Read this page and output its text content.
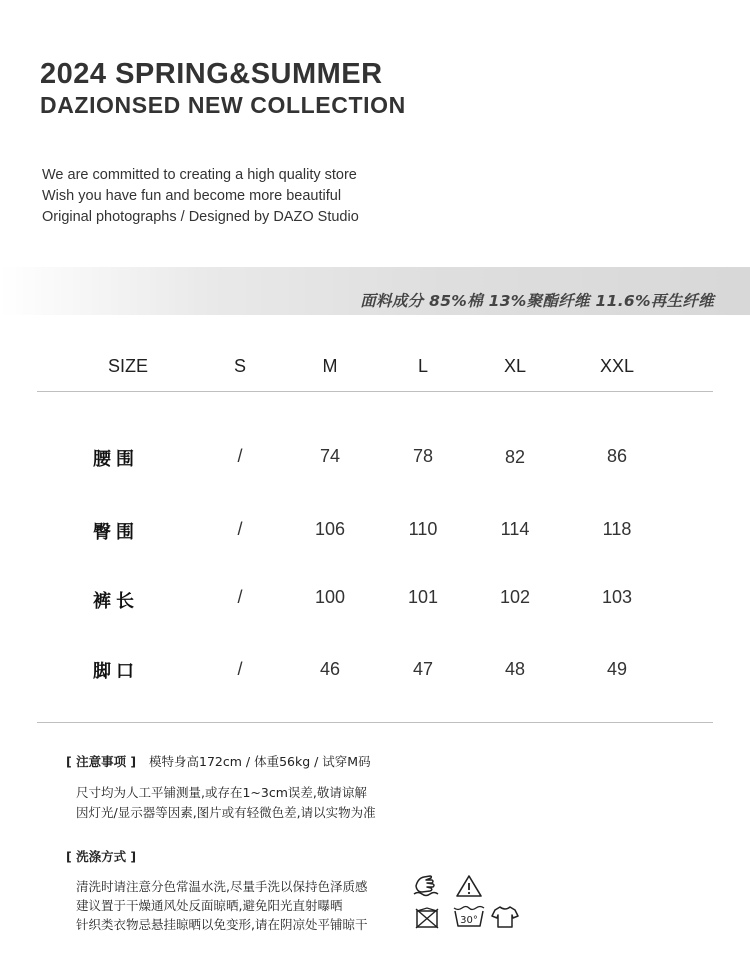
2024 SPRING&SUMMER
DAZIONSED NEW COLLECTION
We are committed to creating a high quality store
Wish you have fun and become more beautiful
Original photographs / Designed by DAZO Studio
面料成分 85%棉 13%聚酯纤维 11.6%再生纤维
SIZE	S	M	L	XL	XXL
腰围	/	74	78	82	86
臀围	/	106	110	114	118
裤长	/	100	101	102	103
脚口	/	46	47	48	49
[ 注意事项 ] 模特身高172cm / 体重56kg / 试穿M码
尺寸均为人工平铺测量,或存在1~3cm误差,敬请谅解
因灯光/显示器等因素,图片或有轻微色差,请以实物为准
[ 洗涤方式 ]
清洗时请注意分色常温水洗,尽量手洗以保持色泽质感
建议置于干燥通风处反面晾晒,避免阳光直射曝晒
针织类衣物忌悬挂晾晒以免变形,请在阴凉处平铺晾干	30°
